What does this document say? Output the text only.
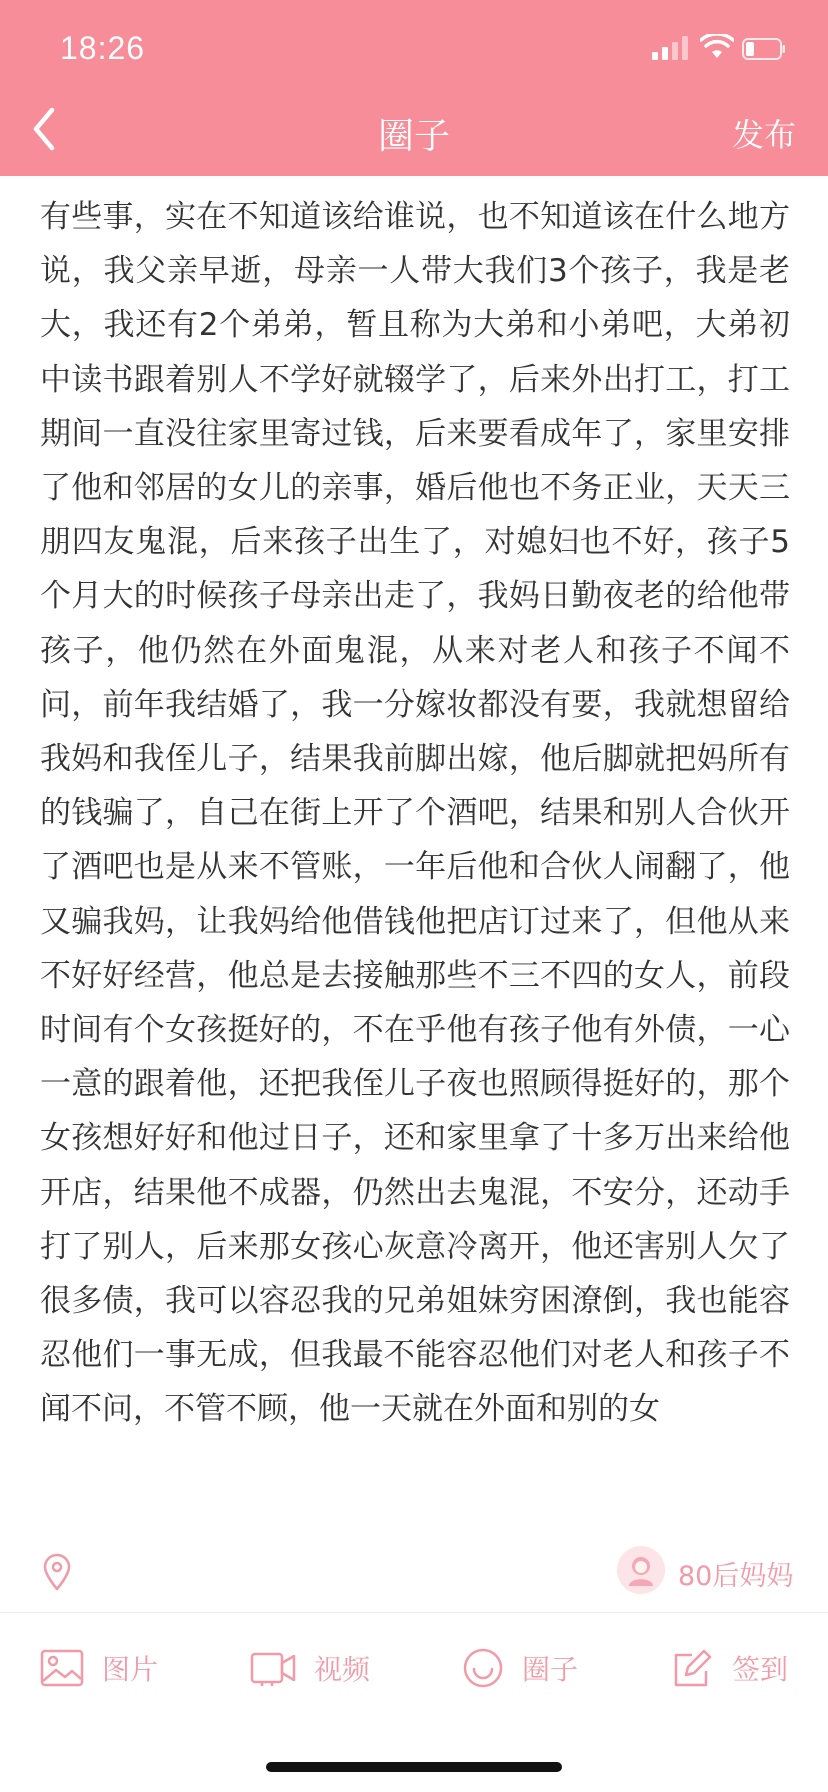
18:26
圈子	发布

有些事，实在不知道该给谁说，也不知道该在什么地方说，我父亲早逝，母亲一人带大我们3个孩子，我是老大，我还有2个弟弟，暂且称为大弟和小弟吧，大弟初中读书跟着别人不学好就辍学了，后来外出打工，打工期间一直没往家里寄过钱，后来要看成年了，家里安排了他和邻居的女儿的亲事，婚后他也不务正业，天天三朋四友鬼混，后来孩子出生了，对媳妇也不好，孩子5个月大的时候孩子母亲出走了，我妈日勤夜老的给他带孩子，他仍然在外面鬼混，从来对老人和孩子不闻不问，前年我结婚了，我一分嫁妆都没有要，我就想留给我妈和我侄儿子，结果我前脚出嫁，他后脚就把妈所有的钱骗了，自己在街上开了个酒吧，结果和别人合伙开了酒吧也是从来不管账，一年后他和合伙人闹翻了，他又骗我妈，让我妈给他借钱他把店订过来了，但他从来不好好经营，他总是去接触那些不三不四的女人，前段时间有个女孩挺好的，不在乎他有孩子他有外债，一心一意的跟着他，还把我侄儿子夜也照顾得挺好的，那个女孩想好好和他过日子，还和家里拿了十多万出来给他开店，结果他不成器，仍然出去鬼混，不安分，还动手打了别人，后来那女孩心灰意冷离开，他还害别人欠了很多债，我可以容忍我的兄弟姐妹穷困潦倒，我也能容忍他们一事无成，但我最不能容忍他们对老人和孩子不闻不问，不管不顾，他一天就在外面和别的女

80后妈妈
图片	视频	圈子	签到
